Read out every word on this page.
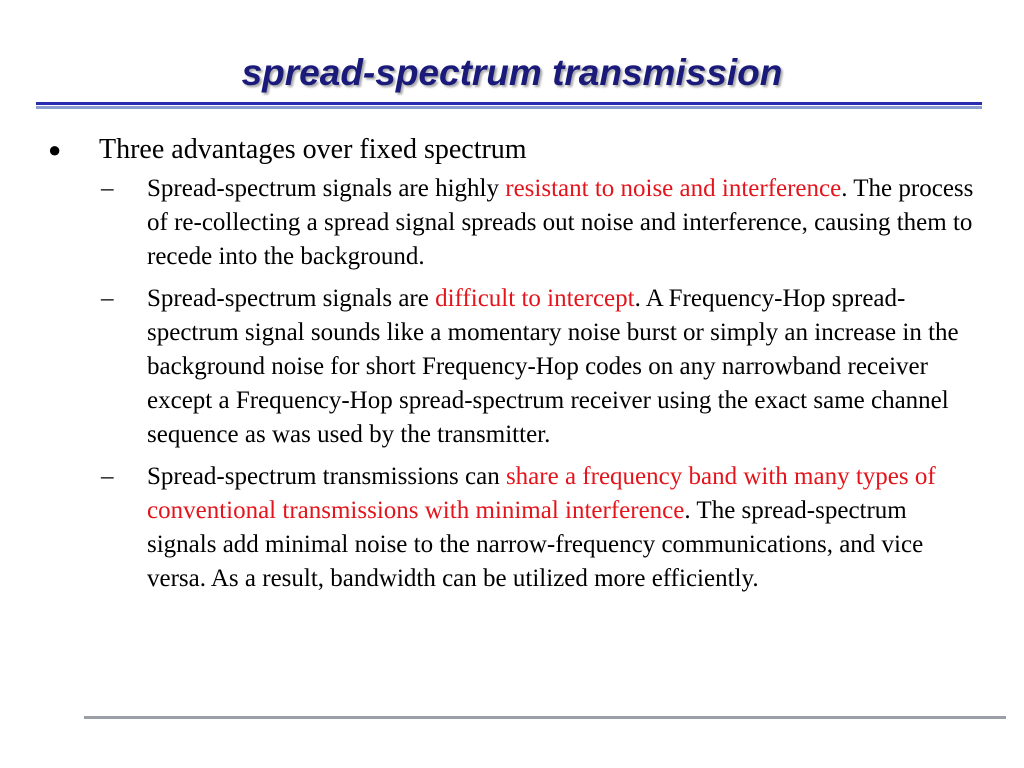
spread-spectrum transmission
● Three advantages over fixed spectrum
– Spread-spectrum signals are highly resistant to noise and interference. The process of re-collecting a spread signal spreads out noise and interference, causing them to recede into the background.
– Spread-spectrum signals are difficult to intercept. A Frequency-Hop spread-spectrum signal sounds like a momentary noise burst or simply an increase in the background noise for short Frequency-Hop codes on any narrowband receiver except a Frequency-Hop spread-spectrum receiver using the exact same channel sequence as was used by the transmitter.
– Spread-spectrum transmissions can share a frequency band with many types of conventional transmissions with minimal interference. The spread-spectrum signals add minimal noise to the narrow-frequency communications, and vice versa. As a result, bandwidth can be utilized more efficiently.
